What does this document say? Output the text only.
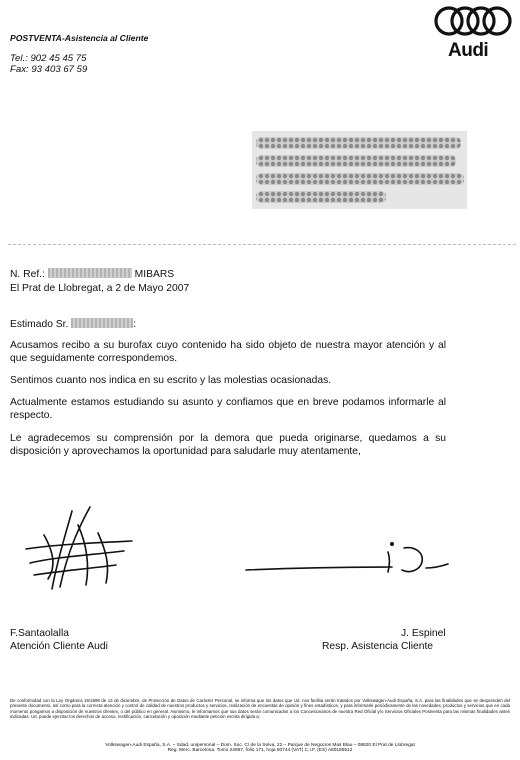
POSTVENTA-Asistencia al Cliente
Tel.: 902 45 45 75
Fax: 93 403 67 59
Audi
N. Ref.:	MIBARS
El Prat de Llobregat, a 2 de Mayo 2007
Estimado Sr.	:
Acusamos recibo a su burofax cuyo contenido ha sido objeto de nuestra mayor atención y al que seguidamente correspondemos.
Sentimos cuanto nos indica en su escrito y las molestias ocasionadas.
Actualmente estamos estudiando su asunto y confiamos que en breve podamos informarle al respecto.
Le agradecemos su comprensión por la demora que pueda originarse, quedamos a su disposición y aprovechamos la oportunidad para saludarle muy atentamente,
F.Santaolalla
Atención Cliente Audi
J. Espinel
Resp. Asistencia Cliente
De conformidad con la Ley Orgánica 15/1999 de 13 de diciembre, de Protección de Datos de Carácter Personal, se informa que los datos que Ud. nos facilita serán tratados por Volkswagen-Audi España, S.A. para las finalidades que se desprenden del presente documento, así como para la correcta atención y control de calidad de nuestros productos y servicios, realización de encuestas de opinión y fines estadísticos, y para informarle periódicamente de las novedades, productos y servicios que en cada momento pongamos a disposición de nuestros clientes, o del público en general. Asimismo, le informamos que sus datos serán comunicados a los Concesionarios de nuestra Red Oficial y/o Servicios Oficiales Postventa para las mismas finalidades antes indicadas. Ud. puede ejercitar los derechos de acceso, rectificación, cancelación y oposición mediante petición escrita dirigida a:
Volkswagen-Audi España, S.A. – Sdad. unipersonal – Dom. Soc. C/ de la Selva, 22 – Parque de Negocios Mas Blau – 08820 El Prat de Llobregat
Reg. Merc. Barcelona. Tomo 24687, folio 171, hoja 80744 (VAT) C.I.F. (ES) A80185512
